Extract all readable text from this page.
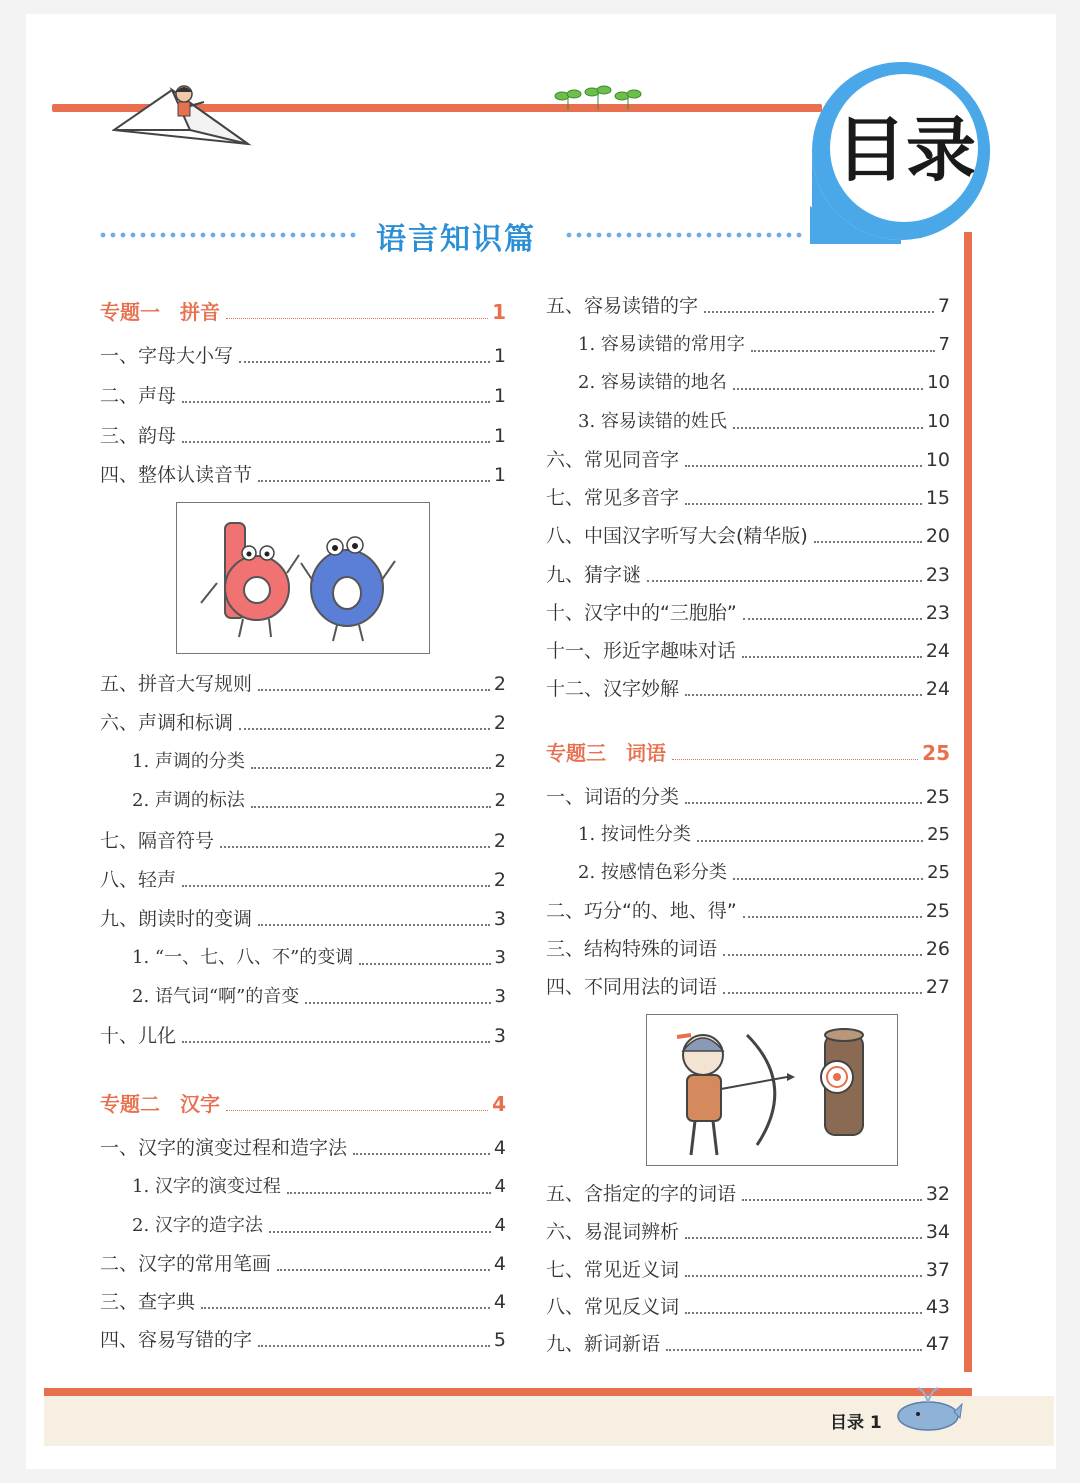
目录
语言知识篇
目录 1
专题一　拼音	1
一、字母大小写	1
二、声母	1
三、韵母	1
四、整体认读音节	1
五、拼音大写规则	2
六、声调和标调	2
1. 声调的分类	2
2. 声调的标法	2
七、隔音符号	2
八、轻声	2
九、朗读时的变调	3
1. “一、七、八、不”的变调	3
2. 语气词“啊”的音变	3
十、儿化	3
专题二　汉字	4
一、汉字的演变过程和造字法	4
1. 汉字的演变过程	4
2. 汉字的造字法	4
二、汉字的常用笔画	4
三、查字典	4
四、容易写错的字	5
五、容易读错的字	7
1. 容易读错的常用字	7
2. 容易读错的地名	10
3. 容易读错的姓氏	10
六、常见同音字	10
七、常见多音字	15
八、中国汉字听写大会(精华版)	20
九、猜字谜	23
十、汉字中的“三胞胎”	23
十一、形近字趣味对话	24
十二、汉字妙解	24
专题三　词语	25
一、词语的分类	25
1. 按词性分类	25
2. 按感情色彩分类	25
二、巧分“的、地、得”	25
三、结构特殊的词语	26
四、不同用法的词语	27
五、含指定的字的词语	32
六、易混词辨析	34
七、常见近义词	37
八、常见反义词	43
九、新词新语	47
